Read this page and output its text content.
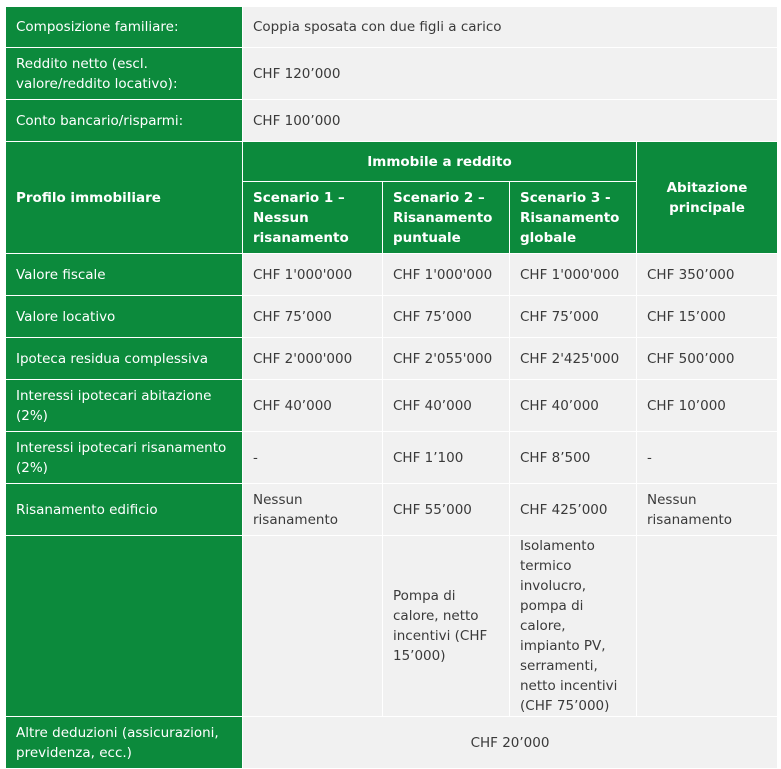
Composizione familiare:	Coppia sposata con due figli a carico			
Reddito netto (escl. valore/reddito locativo):	CHF 120’000			
Conto bancario/risparmi:	CHF 100’000			
Profilo immobiliare	Immobile a reddito			Abitazione principale
	Scenario 1 – Nessun risanamento	Scenario 2 – Risanamento puntuale	Scenario 3 - Risanamento globale	
Valore fiscale	CHF 1'000'000	CHF 1'000'000	CHF 1'000'000	CHF 350’000
Valore locativo	CHF 75’000	CHF 75’000	CHF 75’000	CHF 15’000
Ipoteca residua complessiva	CHF 2'000'000	CHF 2'055'000	CHF 2'425'000	CHF 500’000
Interessi ipotecari abitazione (2%)	CHF 40’000	CHF 40’000	CHF 40’000	CHF 10’000
Interessi ipotecari risanamento (2%)	-	CHF 1’100	CHF 8’500	-
Risanamento edificio	Nessun risanamento	CHF 55’000	CHF 425’000	Nessun risanamento
		Pompa di calore, netto incentivi (CHF 15’000)	Isolamento termico involucro, pompa di calore, impianto PV, serramenti, netto incentivi (CHF 75’000)	
Altre deduzioni (assicurazioni, previdenza, ecc.)	CHF 20’000			
